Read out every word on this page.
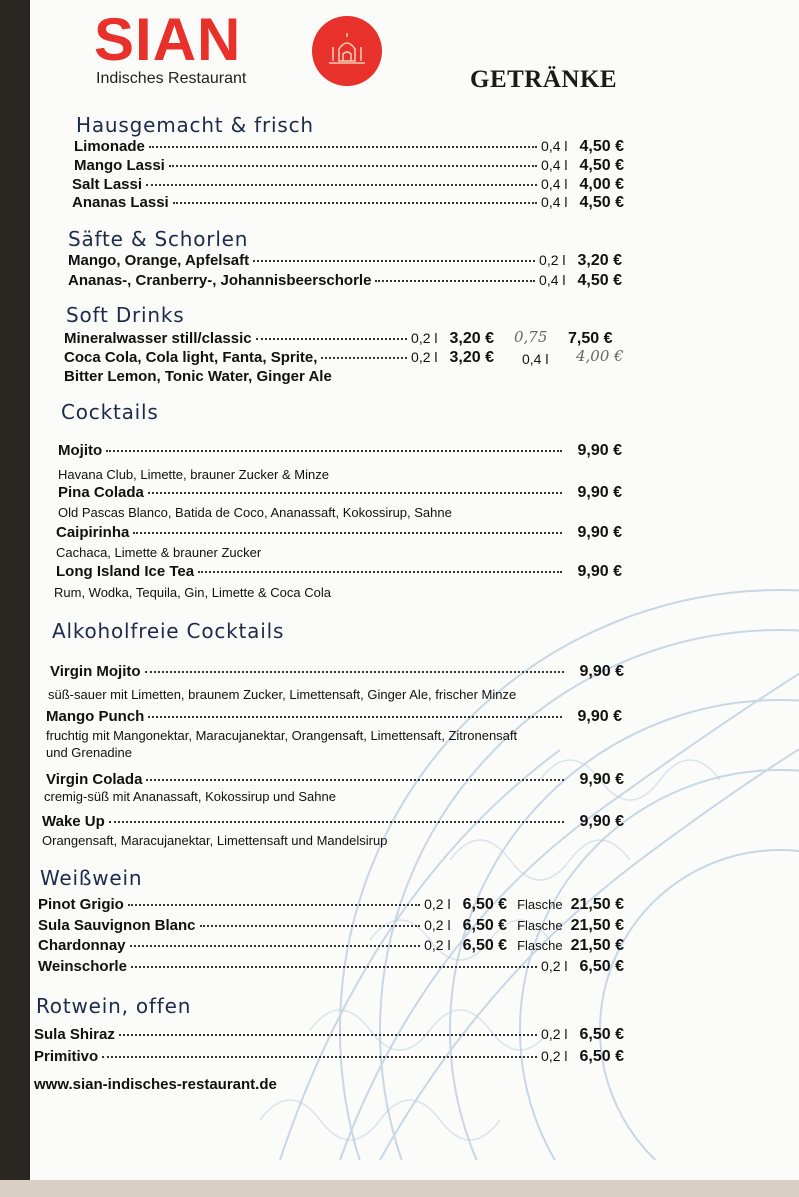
SIAN
Indisches Restaurant	GETRÄNKE
Hausgemacht & frisch
Limonade	0,4 l 4,50 €
Mango Lassi	0,4 l 4,50 €
Salt Lassi	0,4 l 4,00 €
Ananas Lassi	0,4 l 4,50 €
Säfte & Schorlen
Mango, Orange, Apfelsaft	0,2 l 3,20 €
Ananas-, Cranberry-, Johannisbeerschorle	0,4 l 4,50 €
Soft Drinks
Mineralwasser still/classic	0,2 l 3,20 € 0,75 7,50 €
Coca Cola, Cola light, Fanta, Sprite,	0,2 l 3,20 € 0,4 l 4,00 €
Bitter Lemon, Tonic Water, Ginger Ale
Cocktails
Mojito	9,90 €
Havana Club, Limette, brauner Zucker & Minze
Pina Colada	9,90 €
Old Pascas Blanco, Batida de Coco, Ananassaft, Kokossirup, Sahne
Caipirinha	9,90 €
Cachaca, Limette & brauner Zucker
Long Island Ice Tea	9,90 €
Rum, Wodka, Tequila, Gin, Limette & Coca Cola
Alkoholfreie Cocktails
Virgin Mojito	9,90 €
süß-sauer mit Limetten, braunem Zucker, Limettensaft, Ginger Ale, frischer Minze
Mango Punch	9,90 €
fruchtig mit Mangonektar, Maracujanektar, Orangensaft, Limettensaft, Zitronensaft
und Grenadine
Virgin Colada	9,90 €
cremig-süß mit Ananassaft, Kokossirup und Sahne
Wake Up	9,90 €
Orangensaft, Maracujanektar, Limettensaft und Mandelsirup
Weißwein
Pinot Grigio	0,2 l 6,50 € Flasche 21,50 €
Sula Sauvignon Blanc	0,2 l 6,50 € Flasche 21,50 €
Chardonnay	0,2 l 6,50 € Flasche 21,50 €
Weinschorle	0,2 l 6,50 €
Rotwein, offen
Sula Shiraz	0,2 l 6,50 €
Primitivo	0,2 l 6,50 €
www.sian-indisches-restaurant.de
